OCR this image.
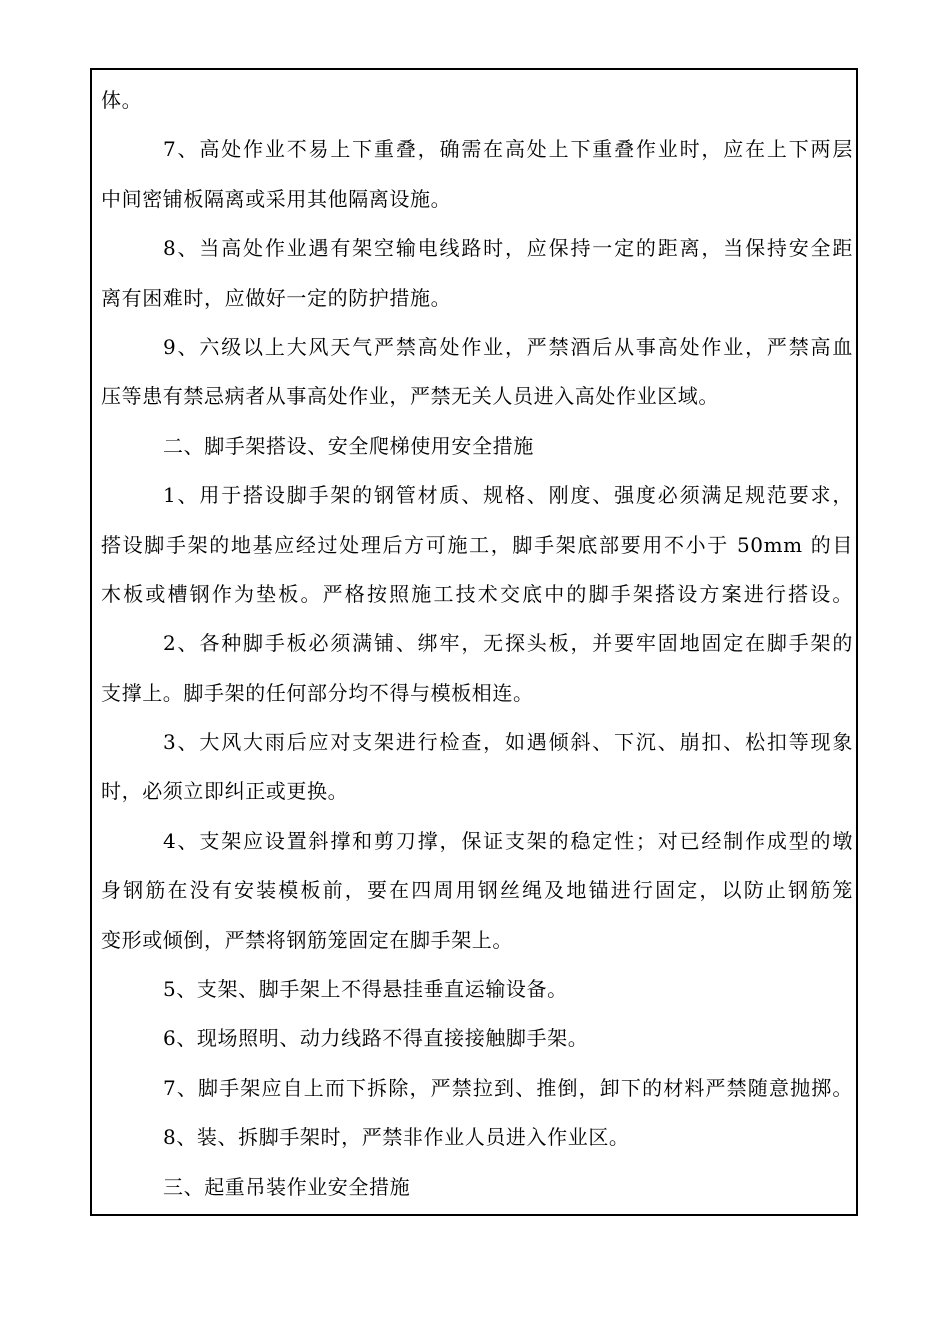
体。
7、高处作业不易上下重叠，确需在高处上下重叠作业时，应在上下两层
中间密铺板隔离或采用其他隔离设施。
8、当高处作业遇有架空输电线路时，应保持一定的距离，当保持安全距
离有困难时，应做好一定的防护措施。
9、六级以上大风天气严禁高处作业，严禁酒后从事高处作业，严禁高血
压等患有禁忌病者从事高处作业，严禁无关人员进入高处作业区域。
二、脚手架搭设、安全爬梯使用安全措施
1、用于搭设脚手架的钢管材质、规格、刚度、强度必须满足规范要求，
搭设脚手架的地基应经过处理后方可施工，脚手架底部要用不小于 50mm 的目
木板或槽钢作为垫板。严格按照施工技术交底中的脚手架搭设方案进行搭设。
2、各种脚手板必须满铺、绑牢，无探头板，并要牢固地固定在脚手架的
支撑上。脚手架的任何部分均不得与模板相连。
3、大风大雨后应对支架进行检查，如遇倾斜、下沉、崩扣、松扣等现象
时，必须立即纠正或更换。
4、支架应设置斜撑和剪刀撑，保证支架的稳定性；对已经制作成型的墩
身钢筋在没有安装模板前，要在四周用钢丝绳及地锚进行固定，以防止钢筋笼
变形或倾倒，严禁将钢筋笼固定在脚手架上。
5、支架、脚手架上不得悬挂垂直运输设备。
6、现场照明、动力线路不得直接接触脚手架。
7、脚手架应自上而下拆除，严禁拉到、推倒，卸下的材料严禁随意抛掷。
8、装、拆脚手架时，严禁非作业人员进入作业区。
三、起重吊装作业安全措施
